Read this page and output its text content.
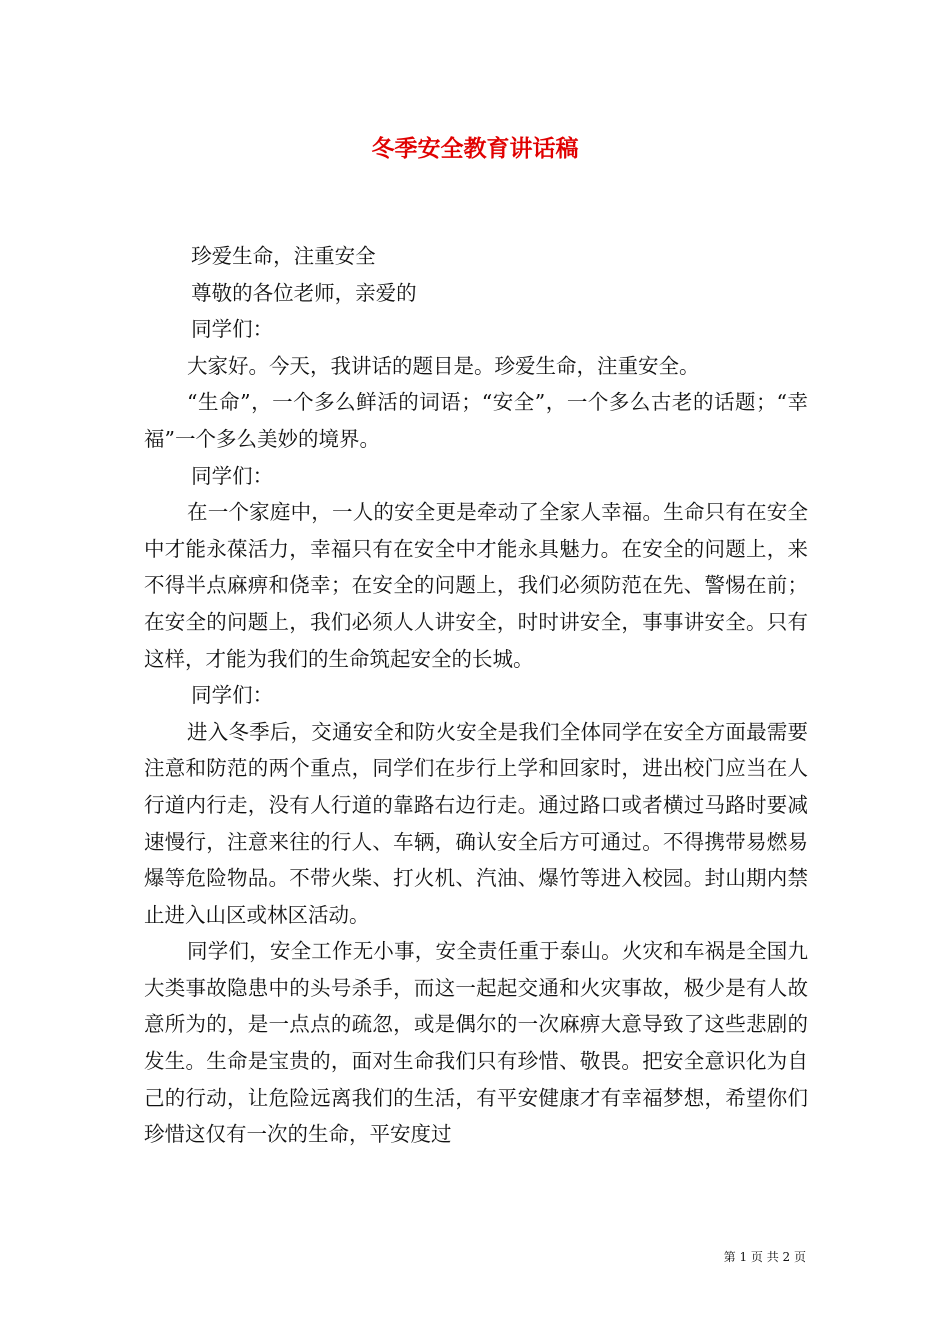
冬季安全教育讲话稿

珍爱生命，注重安全

尊敬的各位老师，亲爱的

同学们：

大家好。今天，我讲话的题目是。珍爱生命，注重安全。

“生命”，一个多么鲜活的词语；“安全”，一个多么古老的话题；“幸福”一个多么美妙的境界。

同学们：

在一个家庭中，一人的安全更是牵动了全家人幸福。生命只有在安全中才能永葆活力，幸福只有在安全中才能永具魅力。在安全的问题上，来不得半点麻痹和侥幸；在安全的问题上，我们必须防范在先、警惕在前；在安全的问题上，我们必须人人讲安全，时时讲安全，事事讲安全。只有这样，才能为我们的生命筑起安全的长城。

同学们：

进入冬季后，交通安全和防火安全是我们全体同学在安全方面最需要注意和防范的两个重点，同学们在步行上学和回家时，进出校门应当在人行道内行走，没有人行道的靠路右边行走。通过路口或者横过马路时要减速慢行，注意来往的行人、车辆，确认安全后方可通过。不得携带易燃易爆等危险物品。不带火柴、打火机、汽油、爆竹等进入校园。封山期内禁止进入山区或林区活动。

同学们，安全工作无小事，安全责任重于泰山。火灾和车祸是全国九大类事故隐患中的头号杀手，而这一起起交通和火灾事故，极少是有人故意所为的，是一点点的疏忽，或是偶尔的一次麻痹大意导致了这些悲剧的发生。生命是宝贵的，面对生命我们只有珍惜、敬畏。把安全意识化为自己的行动，让危险远离我们的生活，有平安健康才有幸福梦想，希望你们珍惜这仅有一次的生命，平安度过

第 1 页 共 2 页
